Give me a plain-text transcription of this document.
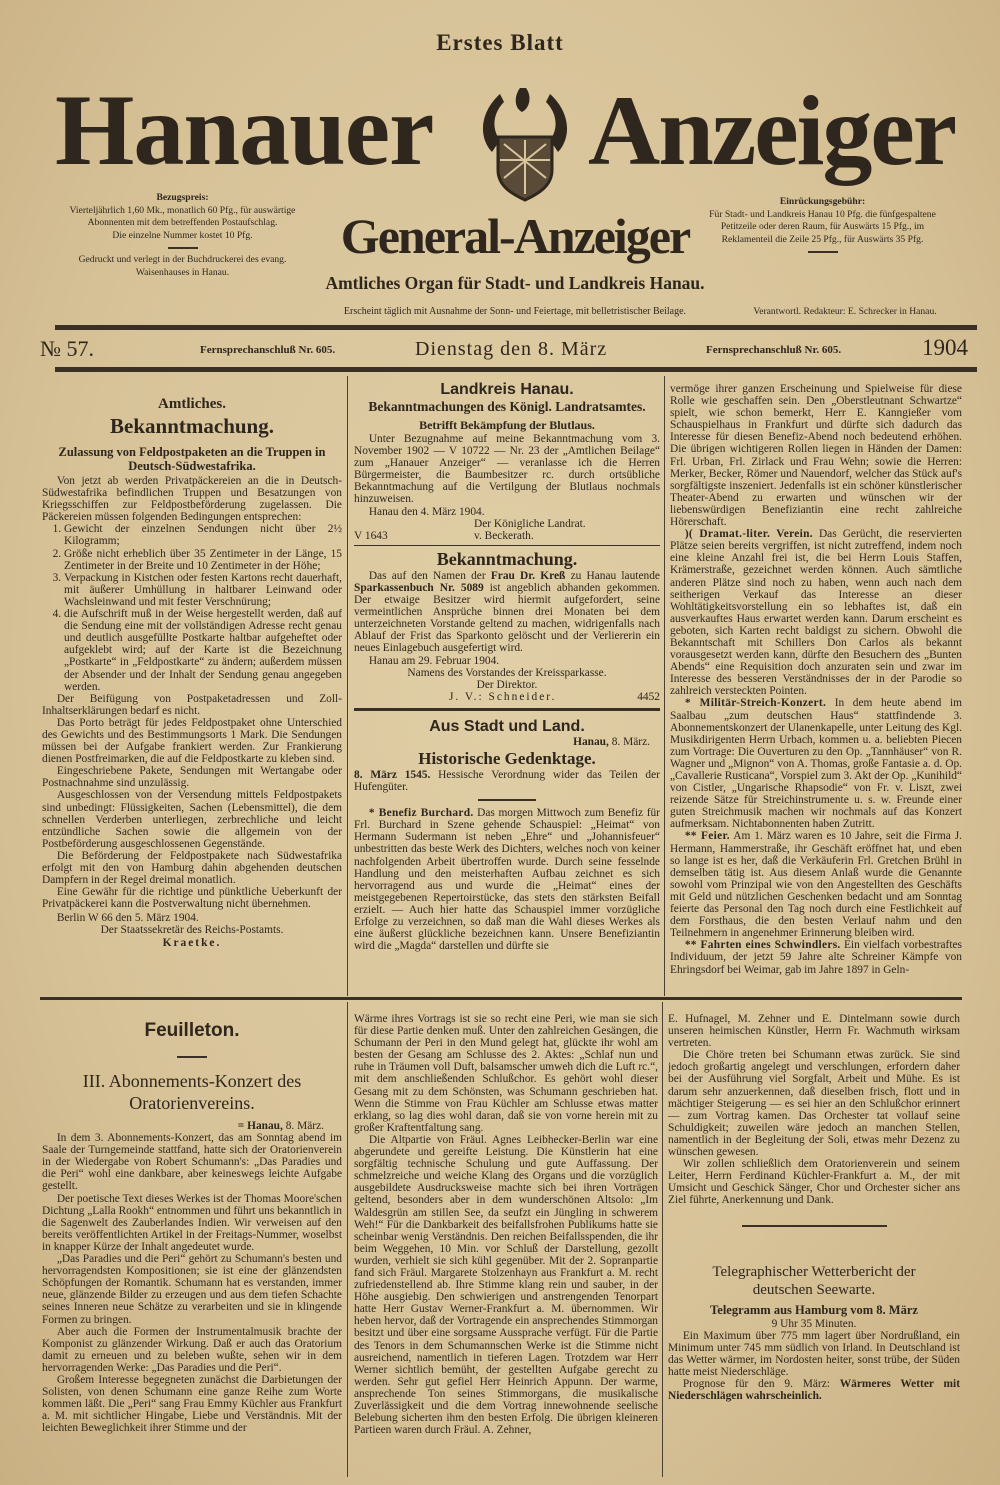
Erstes Blatt
Hanauer Anzeiger
Bezugspreis:
Vierteljährlich 1,60 Mk., monatlich 60 Pfg., für auswärtige Abonnenten mit dem betreffenden Postaufschlag.
Die einzelne Nummer kostet 10 Pfg.
Gedruckt und verlegt in der Buchdruckerei des evang. Waisenhauses in Hanau.
General-Anzeiger
Amtliches Organ für Stadt- und Landkreis Hanau.
Erscheint täglich mit Ausnahme der Sonn- und Feiertage, mit belletristischer Beilage.
Einrückungsgebühr:
Für Stadt- und Landkreis Hanau 10 Pfg. die fünfgespaltene Petitzeile oder deren Raum, für Auswärts 15 Pfg., im Reklamenteil die Zeile 25 Pfg., für Auswärts 35 Pfg.
Verantwortl. Redakteur: E. Schrecker in Hanau.
№ 57.	Fernsprechanschluß Nr. 605.	Dienstag den 8. März	Fernsprechanschluß Nr. 605.	1904
Amtliches.
Bekanntmachung.
Zulassung von Feldpostpaketen an die Truppen in Deutsch-Südwestafrika.

Von jetzt ab werden Privatpäckereien an die in Deutsch-Südwestafrika befindlichen Truppen und Besatzungen von Kriegsschiffen zur Feldpostbeförderung zugelassen. Die Päckereien müssen folgenden Bedingungen entsprechen:

1. Gewicht der einzelnen Sendungen nicht über 2½ Kilogramm;
2. Größe nicht erheblich über 35 Zentimeter in der Länge, 15 Zentimeter in der Breite und 10 Zentimeter in der Höhe;
3. Verpackung in Kistchen oder festen Kartons recht dauerhaft, mit äußerer Umhüllung in haltbarer Leinwand oder Wachsleinwand und mit fester Verschnürung;
4. die Aufschrift muß in der Weise hergestellt werden, daß auf die Sendung eine mit der vollständigen Adresse recht genau und deutlich ausgefüllte Postkarte haltbar aufgeheftet oder aufgeklebt wird; auf der Karte ist die Bezeichnung „Postkarte“ in „Feldpostkarte“ zu ändern; außerdem müssen der Absender und der Inhalt der Sendung genau angegeben werden.

Der Beifügung von Postpaketadressen und Zoll-Inhaltserklärungen bedarf es nicht.

Das Porto beträgt für jedes Feldpostpaket ohne Unterschied des Gewichts und des Bestimmungsorts 1 Mark. Die Sendungen müssen bei der Aufgabe frankiert werden. Zur Frankierung dienen Postfreimarken, die auf die Feldpostkarte zu kleben sind.

Eingeschriebene Pakete, Sendungen mit Wertangabe oder Postnachnahme sind unzulässig.

Ausgeschlossen von der Versendung mittels Feldpostpakets sind unbedingt: Flüssigkeiten, Sachen (Lebensmittel), die dem schnellen Verderben unterliegen, zerbrechliche und leicht entzündliche Sachen sowie die allgemein von der Postbeförderung ausgeschlossenen Gegenstände.

Die Beförderung der Feldpostpakete nach Südwestafrika erfolgt mit den von Hamburg dahin abgehenden deutschen Dampfern in der Regel dreimal monatlich.

Eine Gewähr für die richtige und pünktliche Ueberkunft der Privatpäckerei kann die Postverwaltung nicht übernehmen.

Berlin W 66 den 5. März 1904.

Der Staatssekretär des Reichs-Postamts.
Kraetke.
Landkreis Hanau.
Bekanntmachungen des Königl. Landratsamtes.
Betrifft Bekämpfung der Blutlaus.

Unter Bezugnahme auf meine Bekanntmachung vom 3. November 1902 — V 10722 — Nr. 23 der „Amtlichen Beilage“ zum „Hanauer Anzeiger“ — veranlasse ich die Herren Bürgermeister, die Baumbesitzer rc. durch ortsübliche Bekanntmachung auf die Vertilgung der Blutlaus nochmals hinzuweisen.

Hanau den 4. März 1904.

Der Königliche Landrat.
V 1643	v. Beckerath.
Bekanntmachung.

Das auf den Namen der Frau Dr. Kreß zu Hanau lautende Sparkassenbuch Nr. 5089 ist angeblich abhanden gekommen. Der etwaige Besitzer wird hiermit aufgefordert, seine vermeintlichen Ansprüche binnen drei Monaten bei dem unterzeichneten Vorstande geltend zu machen, widrigenfalls nach Ablauf der Frist das Sparkonto gelöscht und der Verliererin ein neues Einlagebuch ausgefertigt wird.

Hanau am 29. Februar 1904.

Namens des Vorstandes der Kreissparkasse.
Der Direktor.
J. V.: Schneider.	4452
Aus Stadt und Land.
Hanau, 8. März.
Historische Gedenktage.

8. März 1545. Hessische Verordnung wider das Teilen der Hufengüter.

* Benefiz Burchard. Das morgen Mittwoch zum Benefiz für Frl. Burchard in Szene gehende Schauspiel: „Heimat“ von Hermann Sudermann ist neben „Ehre“ und „Johannisfeuer“ unbestritten das beste Werk des Dichters, welches noch von keiner nachfolgenden Arbeit übertroffen wurde. Durch seine fesselnde Handlung und den meisterhaften Aufbau zeichnet es sich hervorragend aus und wurde die „Heimat“ eines der meistgegebenen Repertoirstücke, das stets den stärksten Beifall erzielt. — Auch hier hatte das Schauspiel immer vorzügliche Erfolge zu verzeichnen, so daß man die Wahl dieses Werkes als eine äußerst glückliche bezeichnen kann. Unsere Benefiziantin wird die „Magda“ darstellen und dürfte sie

vermöge ihrer ganzen Erscheinung und Spielweise für diese Rolle wie geschaffen sein. Den „Oberstleutnant Schwartze“ spielt, wie schon bemerkt, Herr E. Kanngießer vom Schauspielhaus in Frankfurt und dürfte sich dadurch das Interesse für diesen Benefiz-Abend noch bedeutend erhöhen. Die übrigen wichtigeren Rollen liegen in Händen der Damen: Frl. Urban, Frl. Zirlack und Frau Wehn; sowie die Herren: Merker, Becker, Römer und Nauendorf, welcher das Stück auf's sorgfältigste inszeniert. Jedenfalls ist ein schöner künstlerischer Theater-Abend zu erwarten und wünschen wir der liebenswürdigen Benefiziantin eine recht zahlreiche Hörerschaft.

)( Dramat.-liter. Verein. Das Gerücht, die reservierten Plätze seien bereits vergriffen, ist nicht zutreffend, indem noch eine kleine Anzahl frei ist, die bei Herrn Louis Staffen, Krämerstraße, gezeichnet werden können. Auch sämtliche anderen Plätze sind noch zu haben, wenn auch nach dem seitherigen Verkauf das Interesse an dieser Wohltätigkeitsvorstellung ein so lebhaftes ist, daß ein ausverkauftes Haus erwartet werden kann. Darum erscheint es geboten, sich Karten recht baldigst zu sichern. Obwohl die Bekanntschaft mit Schillers Don Carlos als bekannt vorausgesetzt werden kann, dürfte den Besuchern des „Bunten Abends“ eine Requisition doch anzuraten sein und zwar im Interesse des besseren Verständnisses der in der Parodie so zahlreich versteckten Pointen.

* Militär-Streich-Konzert. In dem heute abend im Saalbau „zum deutschen Haus“ stattfindende 3. Abonnementskonzert der Ulanenkapelle, unter Leitung des Kgl. Musikdirigenten Herrn Urbach, kommen u. a. beliebten Piecen zum Vortrage: Die Ouverturen zu den Op. „Tannhäuser“ von R. Wagner und „Mignon“ von A. Thomas, große Fantasie a. d. Op. „Cavallerie Rusticana“, Vorspiel zum 3. Akt der Op. „Kunihild“ von Cistler, „Ungarische Rhapsodie“ von Fr. v. Liszt, zwei reizende Sätze für Streichinstrumente u. s. w. Freunde einer guten Streichmusik machen wir nochmals auf das Konzert aufmerksam. Nichtabonnenten haben Zutritt.

** Feier. Am 1. März waren es 10 Jahre, seit die Firma J. Hermann, Hammerstraße, ihr Geschäft eröffnet hat, und eben so lange ist es her, daß die Verkäuferin Frl. Gretchen Brühl in demselben tätig ist. Aus diesem Anlaß wurde die Genannte sowohl vom Prinzipal wie von den Angestellten des Geschäfts mit Geld und nützlichen Geschenken bedacht und am Sonntag feierte das Personal den Tag noch durch eine Festlichkeit auf dem Forsthaus, die den besten Verlauf nahm und den Teilnehmern in angenehmer Erinnerung bleiben wird.

** Fahrten eines Schwindlers. Ein vielfach vorbestraftes Individuum, der jetzt 59 Jahre alte Schreiner Kämpfe von Ehringsdorf bei Weimar, gab im Jahre 1897 in Geln-

Feuilleton.
III. Abonnements-Konzert des Oratorienvereins.
= Hanau, 8. März.

In dem 3. Abonnements-Konzert, das am Sonntag abend im Saale der Turngemeinde stattfand, hatte sich der Oratorienverein in der Wiedergabe von Robert Schumann's: „Das Paradies und die Peri“ wohl eine dankbare, aber keineswegs leichte Aufgabe gestellt.

Der poetische Text dieses Werkes ist der Thomas Moore'schen Dichtung „Lalla Rookh“ entnommen und führt uns bekanntlich in die Sagenwelt des Zauberlandes Indien. Wir verweisen auf den bereits veröffentlichten Artikel in der Freitags-Nummer, woselbst in knapper Kürze der Inhalt angedeutet wurde.

„Das Paradies und die Peri“ gehört zu Schumann's besten und hervorragendsten Kompositionen; sie ist eine der glänzendsten Schöpfungen der Romantik. Schumann hat es verstanden, immer neue, glänzende Bilder zu erzeugen und aus dem tiefen Schachte seines Inneren neue Schätze zu verarbeiten und sie in klingende Formen zu bringen.

Aber auch die Formen der Instrumentalmusik brachte der Komponist zu glänzender Wirkung. Daß er auch das Oratorium damit zu erneuen und zu beleben wußte, sehen wir in dem hervorragenden Werke: „Das Paradies und die Peri“.

Großem Interesse begegneten zunächst die Darbietungen der Solisten, von denen Schumann eine ganze Reihe zum Worte kommen läßt. Die „Peri“ sang Frau Emmy Küchler aus Frankfurt a. M. mit sichtlicher Hingabe, Liebe und Verständnis. Mit der leichten Beweglichkeit ihrer Stimme und der

Wärme ihres Vortrags ist sie so recht eine Peri, wie man sie sich für diese Partie denken muß. Unter den zahlreichen Gesängen, die Schumann der Peri in den Mund gelegt hat, glückte ihr wohl am besten der Gesang am Schlusse des 2. Aktes: „Schlaf nun und ruhe in Träumen voll Duft, balsamscher umweh dich die Luft rc.“, mit dem anschließenden Schlußchor. Es gehört wohl dieser Gesang mit zu dem Schönsten, was Schumann geschrieben hat. Wenn die Stimme von Frau Küchler am Schlusse etwas matter erklang, so lag dies wohl daran, daß sie von vorne herein mit zu großer Kraftentfaltung sang.

Die Altpartie von Fräul. Agnes Leibhecker-Berlin war eine abgerundete und gereifte Leistung. Die Künstlerin hat eine sorgfältig technische Schulung und gute Auffassung. Der schmelzreiche und weiche Klang des Organs und die vorzüglich ausgebildete Ausdrucksweise machte sich bei ihren Vorträgen geltend, besonders aber in dem wunderschönen Altsolo: „Im Waldesgrün am stillen See, da seufzt ein Jüngling in schwerem Weh!“ Für die Dankbarkeit des beifallsfrohen Publikums hatte sie scheinbar wenig Verständnis. Den reichen Beifallsspenden, die ihr beim Weggehen, 10 Min. vor Schluß der Darstellung, gezollt wurden, verhielt sie sich kühl gegenüber. Mit der 2. Sopranpartie fand sich Fräul. Margarete Stolzenhayn aus Frankfurt a. M. recht zufriedenstellend ab. Ihre Stimme klang rein und sauber, in der Höhe ausgiebig. Den schwierigen und anstrengenden Tenorpart hatte Herr Gustav Werner-Frankfurt a. M. übernommen. Wir heben hervor, daß der Vortragende ein ansprechendes Stimmorgan besitzt und über eine sorgsame Aussprache verfügt. Für die Partie des Tenors in dem Schumannschen Werke ist die Stimme nicht ausreichend, namentlich in tieferen Lagen. Trotzdem war Herr Werner sichtlich bemüht, der gestellten Aufgabe gerecht zu werden. Sehr gut gefiel Herr Heinrich Appunn. Der warme, ansprechende Ton seines Stimmorgans, die musikalische Zuverlässigkeit und die dem Vortrag innewohnende seelische Belebung sicherten ihm den besten Erfolg. Die übrigen kleineren Partieen waren durch Fräul. A. Zehner,

E. Hufnagel, M. Zehner und E. Dintelmann sowie durch unseren heimischen Künstler, Herrn Fr. Wachmuth wirksam vertreten.

Die Chöre treten bei Schumann etwas zurück. Sie sind jedoch großartig angelegt und verschlungen, erfordern daher bei der Ausführung viel Sorgfalt, Arbeit und Mühe. Es ist darum sehr anzuerkennen, daß dieselben frisch, flott und in mächtiger Steigerung — es sei hier an den Schlußchor erinnert — zum Vortrag kamen. Das Orchester tat vollauf seine Schuldigkeit; zuweilen wäre jedoch an manchen Stellen, namentlich in der Begleitung der Soli, etwas mehr Dezenz zu wünschen gewesen.

Wir zollen schließlich dem Oratorienverein und seinem Leiter, Herrn Ferdinand Küchler-Frankfurt a. M., der mit Umsicht und Geschick Sänger, Chor und Orchester sicher ans Ziel führte, Anerkennung und Dank.

Telegraphischer Wetterbericht der deutschen Seewarte.
Telegramm aus Hamburg vom 8. März
9 Uhr 35 Minuten.

Ein Maximum über 775 mm lagert über Nordrußland, ein Minimum unter 745 mm südlich von Irland. In Deutschland ist das Wetter wärmer, im Nordosten heiter, sonst trübe, der Süden hatte meist Niederschläge.

Prognose für den 9. März: Wärmeres Wetter mit Niederschlägen wahrscheinlich.
